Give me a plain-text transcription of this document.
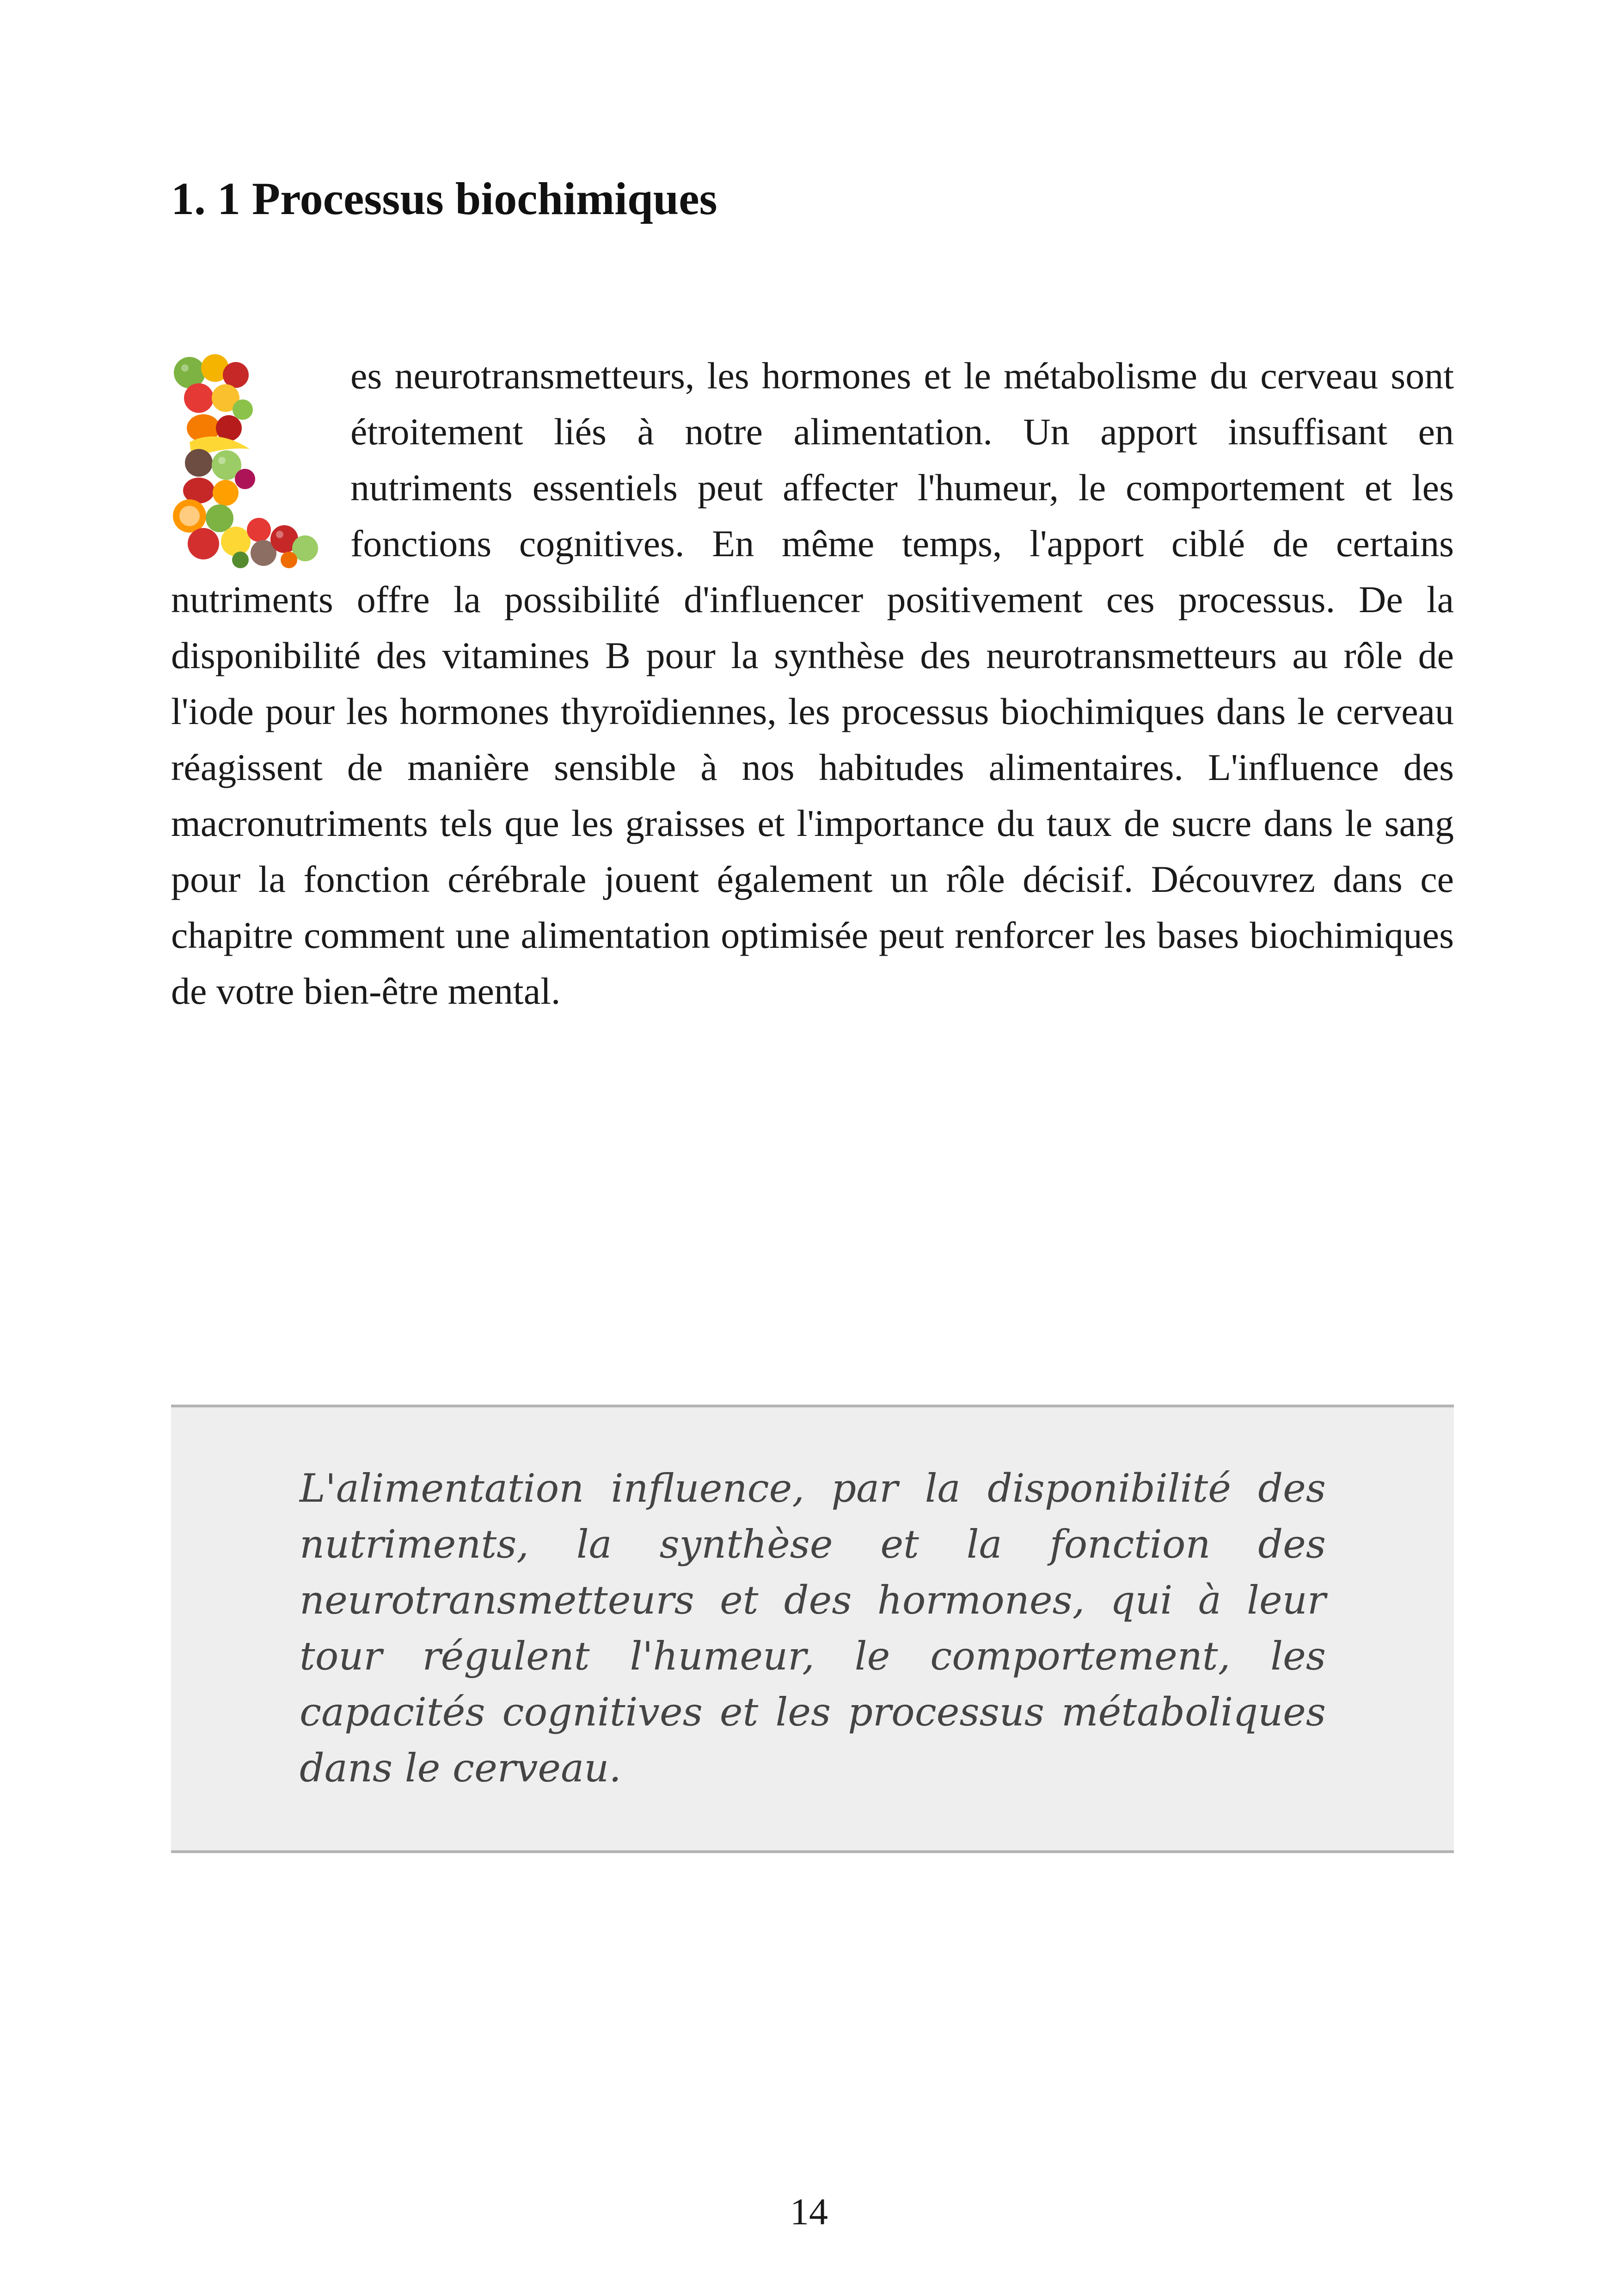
1. 1 Processus biochimiques

es neurotransmetteurs, les hormones et le métabolisme du cerveau sont étroitement liés à notre alimentation. Un apport insuffisant en nutriments essentiels peut affecter l'humeur, le comportement et les fonctions cognitives. En même temps, l'apport ciblé de certains nutriments offre la possibilité d'influencer positivement ces processus. De la disponibilité des vitamines B pour la synthèse des neurotransmetteurs au rôle de l'iode pour les hormones thyroïdiennes, les processus biochimiques dans le cerveau réagissent de manière sensible à nos habitudes alimentaires. L'influence des macronutriments tels que les graisses et l'importance du taux de sucre dans le sang pour la fonction cérébrale jouent également un rôle décisif. Découvrez dans ce chapitre comment une alimentation optimisée peut renforcer les bases biochimiques de votre bien-être mental.

L'alimentation influence, par la disponibilité des nutriments, la synthèse et la fonction des neurotransmetteurs et des hormones, qui à leur tour régulent l'humeur, le comportement, les capacités cognitives et les processus métaboliques dans le cerveau.

14
